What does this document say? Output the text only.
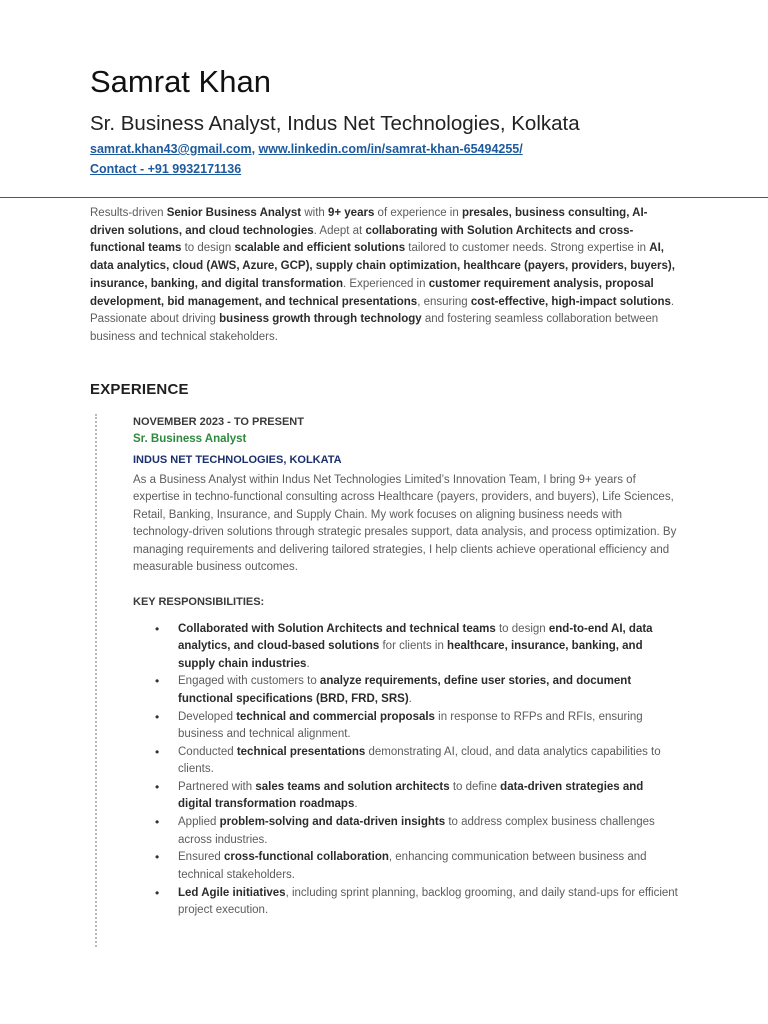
Samrat Khan
Sr. Business Analyst, Indus Net Technologies, Kolkata
samrat.khan43@gmail.com, www.linkedin.com/in/samrat-khan-65494255/
Contact - +91 9932171136
Results-driven Senior Business Analyst with 9+ years of experience in presales, business consulting, AI-driven solutions, and cloud technologies. Adept at collaborating with Solution Architects and cross-functional teams to design scalable and efficient solutions tailored to customer needs. Strong expertise in AI, data analytics, cloud (AWS, Azure, GCP), supply chain optimization, healthcare (payers, providers, buyers), insurance, banking, and digital transformation. Experienced in customer requirement analysis, proposal development, bid management, and technical presentations, ensuring cost-effective, high-impact solutions. Passionate about driving business growth through technology and fostering seamless collaboration between business and technical stakeholders.
EXPERIENCE
NOVEMBER 2023 - TO PRESENT
Sr. Business Analyst
INDUS NET TECHNOLOGIES, KOLKATA
As a Business Analyst within Indus Net Technologies Limited’s Innovation Team, I bring 9+ years of expertise in techno-functional consulting across Healthcare (payers, providers, and buyers), Life Sciences, Retail, Banking, Insurance, and Supply Chain. My work focuses on aligning business needs with technology-driven solutions through strategic presales support, data analysis, and process optimization. By managing requirements and delivering tailored strategies, I help clients achieve operational efficiency and measurable business outcomes.
KEY RESPONSIBILITIES:
• Collaborated with Solution Architects and technical teams to design end-to-end AI, data analytics, and cloud-based solutions for clients in healthcare, insurance, banking, and supply chain industries.
• Engaged with customers to analyze requirements, define user stories, and document functional specifications (BRD, FRD, SRS).
• Developed technical and commercial proposals in response to RFPs and RFIs, ensuring business and technical alignment.
• Conducted technical presentations demonstrating AI, cloud, and data analytics capabilities to clients.
• Partnered with sales teams and solution architects to define data-driven strategies and digital transformation roadmaps.
• Applied problem-solving and data-driven insights to address complex business challenges across industries.
• Ensured cross-functional collaboration, enhancing communication between business and technical stakeholders.
• Led Agile initiatives, including sprint planning, backlog grooming, and daily stand-ups for efficient project execution.
